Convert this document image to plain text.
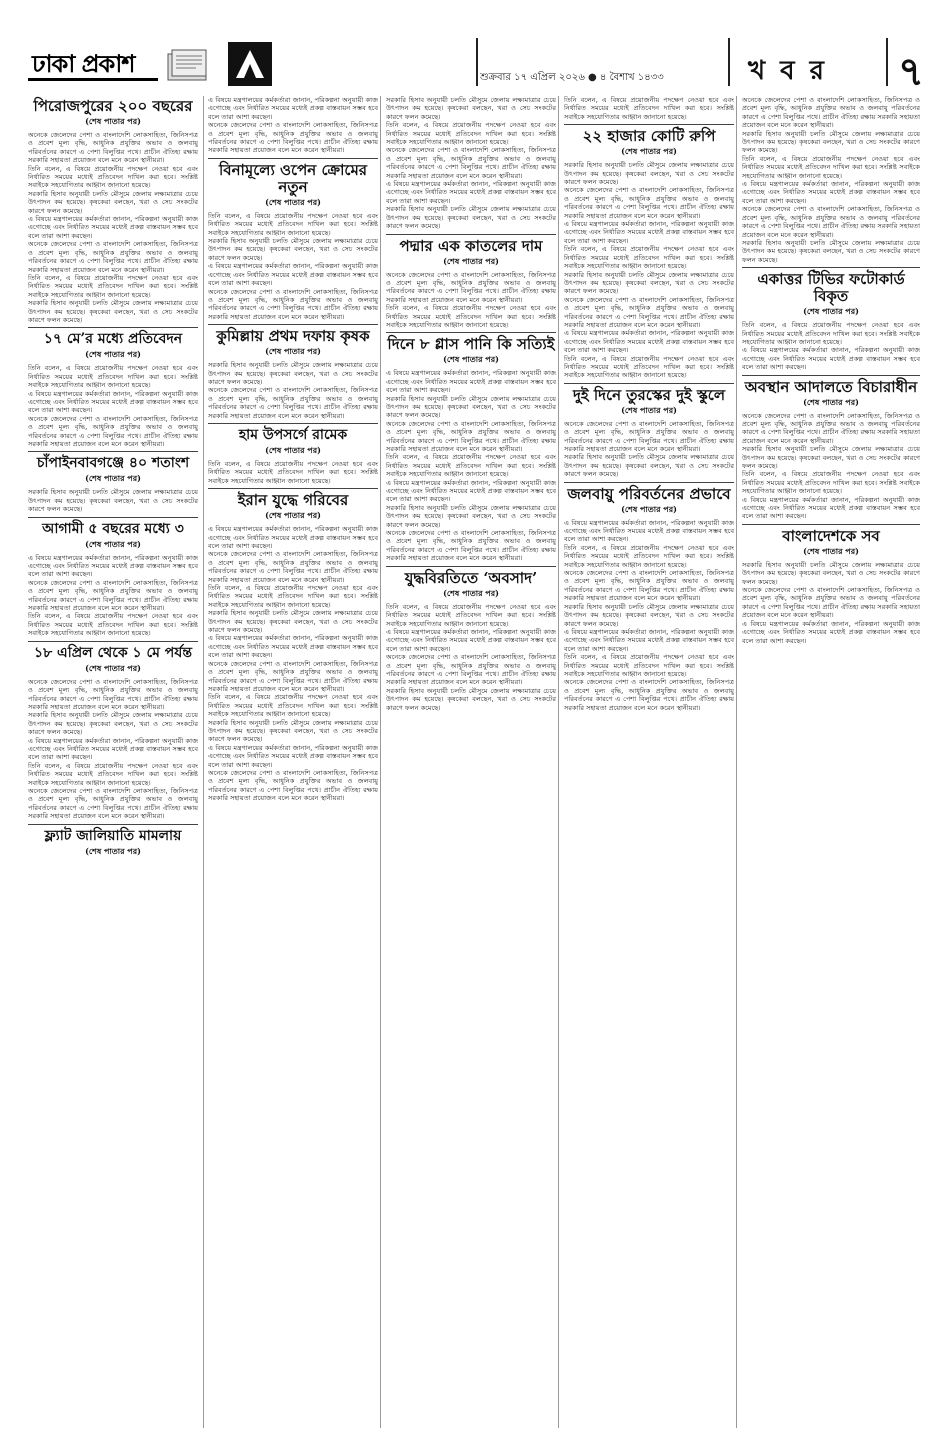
ঢাকা প্রকাশ	শুক্রবার ১৭ এপ্রিল ২০২৬ ● ৪ বৈশাখ ১৪৩৩	খ ব র ৭
পিরোজপুরের ২০০ বছরের
(শেষ পাতার পর)

অনেকে জেলেদের পেশা ও বাংলাদেশি লোকসাহিত্য, জিনিসপত্র ও প্রবেশ মূল্য বৃদ্ধি, আধুনিক প্রযুক্তির অভাব ও জলবায়ু পরিবর্তনের কারণে এ পেশা বিলুপ্তির পথে। প্রাচীন ঐতিহ্য রক্ষায় সরকারি সহায়তা প্রয়োজন বলে মনে করেন স্থানীয়রা।

তিনি বলেন, এ বিষয়ে প্রয়োজনীয় পদক্ষেপ নেওয়া হবে এবং নির্ধারিত সময়ের মধ্যেই প্রতিবেদন দাখিল করা হবে। সংশ্লিষ্ট সবাইকে সহযোগিতার আহ্বান জানানো হয়েছে।

সরকারি হিসাব অনুযায়ী চলতি মৌসুমে জেলায় লক্ষ্যমাত্রার চেয়ে উৎপাদন কম হয়েছে। কৃষকেরা বলছেন, খরা ও সেচ সংকটের কারণে ফলন কমেছে।

এ বিষয়ে মন্ত্রণালয়ের কর্মকর্তারা জানান, পরিকল্পনা অনুযায়ী কাজ এগোচ্ছে এবং নির্ধারিত সময়ের মধ্যেই প্রকল্প বাস্তবায়ন সম্ভব হবে বলে তারা আশা করছেন।

অনেকে জেলেদের পেশা ও বাংলাদেশি লোকসাহিত্য, জিনিসপত্র ও প্রবেশ মূল্য বৃদ্ধি, আধুনিক প্রযুক্তির অভাব ও জলবায়ু পরিবর্তনের কারণে এ পেশা বিলুপ্তির পথে। প্রাচীন ঐতিহ্য রক্ষায় সরকারি সহায়তা প্রয়োজন বলে মনে করেন স্থানীয়রা।

তিনি বলেন, এ বিষয়ে প্রয়োজনীয় পদক্ষেপ নেওয়া হবে এবং নির্ধারিত সময়ের মধ্যেই প্রতিবেদন দাখিল করা হবে। সংশ্লিষ্ট সবাইকে সহযোগিতার আহ্বান জানানো হয়েছে।

সরকারি হিসাব অনুযায়ী চলতি মৌসুমে জেলায় লক্ষ্যমাত্রার চেয়ে উৎপাদন কম হয়েছে। কৃষকেরা বলছেন, খরা ও সেচ সংকটের কারণে ফলন কমেছে।

১৭ মে’র মধ্যে প্রতিবেদন
(শেষ পাতার পর)

তিনি বলেন, এ বিষয়ে প্রয়োজনীয় পদক্ষেপ নেওয়া হবে এবং নির্ধারিত সময়ের মধ্যেই প্রতিবেদন দাখিল করা হবে। সংশ্লিষ্ট সবাইকে সহযোগিতার আহ্বান জানানো হয়েছে।

এ বিষয়ে মন্ত্রণালয়ের কর্মকর্তারা জানান, পরিকল্পনা অনুযায়ী কাজ এগোচ্ছে এবং নির্ধারিত সময়ের মধ্যেই প্রকল্প বাস্তবায়ন সম্ভব হবে বলে তারা আশা করছেন।

অনেকে জেলেদের পেশা ও বাংলাদেশি লোকসাহিত্য, জিনিসপত্র ও প্রবেশ মূল্য বৃদ্ধি, আধুনিক প্রযুক্তির অভাব ও জলবায়ু পরিবর্তনের কারণে এ পেশা বিলুপ্তির পথে। প্রাচীন ঐতিহ্য রক্ষায় সরকারি সহায়তা প্রয়োজন বলে মনে করেন স্থানীয়রা।

চাঁপাইনবাবগঞ্জে ৪০ শতাংশ
(শেষ পাতার পর)

সরকারি হিসাব অনুযায়ী চলতি মৌসুমে জেলায় লক্ষ্যমাত্রার চেয়ে উৎপাদন কম হয়েছে। কৃষকেরা বলছেন, খরা ও সেচ সংকটের কারণে ফলন কমেছে।

আগামী ৫ বছরের মধ্যে ৩
(শেষ পাতার পর)

এ বিষয়ে মন্ত্রণালয়ের কর্মকর্তারা জানান, পরিকল্পনা অনুযায়ী কাজ এগোচ্ছে এবং নির্ধারিত সময়ের মধ্যেই প্রকল্প বাস্তবায়ন সম্ভব হবে বলে তারা আশা করছেন।

অনেকে জেলেদের পেশা ও বাংলাদেশি লোকসাহিত্য, জিনিসপত্র ও প্রবেশ মূল্য বৃদ্ধি, আধুনিক প্রযুক্তির অভাব ও জলবায়ু পরিবর্তনের কারণে এ পেশা বিলুপ্তির পথে। প্রাচীন ঐতিহ্য রক্ষায় সরকারি সহায়তা প্রয়োজন বলে মনে করেন স্থানীয়রা।

তিনি বলেন, এ বিষয়ে প্রয়োজনীয় পদক্ষেপ নেওয়া হবে এবং নির্ধারিত সময়ের মধ্যেই প্রতিবেদন দাখিল করা হবে। সংশ্লিষ্ট সবাইকে সহযোগিতার আহ্বান জানানো হয়েছে।

১৮ এপ্রিল থেকে ১ মে পর্যন্ত
(শেষ পাতার পর)

অনেকে জেলেদের পেশা ও বাংলাদেশি লোকসাহিত্য, জিনিসপত্র ও প্রবেশ মূল্য বৃদ্ধি, আধুনিক প্রযুক্তির অভাব ও জলবায়ু পরিবর্তনের কারণে এ পেশা বিলুপ্তির পথে। প্রাচীন ঐতিহ্য রক্ষায় সরকারি সহায়তা প্রয়োজন বলে মনে করেন স্থানীয়রা।

সরকারি হিসাব অনুযায়ী চলতি মৌসুমে জেলায় লক্ষ্যমাত্রার চেয়ে উৎপাদন কম হয়েছে। কৃষকেরা বলছেন, খরা ও সেচ সংকটের কারণে ফলন কমেছে।

এ বিষয়ে মন্ত্রণালয়ের কর্মকর্তারা জানান, পরিকল্পনা অনুযায়ী কাজ এগোচ্ছে এবং নির্ধারিত সময়ের মধ্যেই প্রকল্প বাস্তবায়ন সম্ভব হবে বলে তারা আশা করছেন।

তিনি বলেন, এ বিষয়ে প্রয়োজনীয় পদক্ষেপ নেওয়া হবে এবং নির্ধারিত সময়ের মধ্যেই প্রতিবেদন দাখিল করা হবে। সংশ্লিষ্ট সবাইকে সহযোগিতার আহ্বান জানানো হয়েছে।

অনেকে জেলেদের পেশা ও বাংলাদেশি লোকসাহিত্য, জিনিসপত্র ও প্রবেশ মূল্য বৃদ্ধি, আধুনিক প্রযুক্তির অভাব ও জলবায়ু পরিবর্তনের কারণে এ পেশা বিলুপ্তির পথে। প্রাচীন ঐতিহ্য রক্ষায় সরকারি সহায়তা প্রয়োজন বলে মনে করেন স্থানীয়রা।

ফ্ল্যাট জালিয়াতি মামলায়
(শেষ পাতার পর)

এ বিষয়ে মন্ত্রণালয়ের কর্মকর্তারা জানান, পরিকল্পনা অনুযায়ী কাজ এগোচ্ছে এবং নির্ধারিত সময়ের মধ্যেই প্রকল্প বাস্তবায়ন সম্ভব হবে বলে তারা আশা করছেন।

অনেকে জেলেদের পেশা ও বাংলাদেশি লোকসাহিত্য, জিনিসপত্র ও প্রবেশ মূল্য বৃদ্ধি, আধুনিক প্রযুক্তির অভাব ও জলবায়ু পরিবর্তনের কারণে এ পেশা বিলুপ্তির পথে। প্রাচীন ঐতিহ্য রক্ষায় সরকারি সহায়তা প্রয়োজন বলে মনে করেন স্থানীয়রা।

বিনামূল্যে ওপেন ক্রোমের নতুন
(শেষ পাতার পর)

তিনি বলেন, এ বিষয়ে প্রয়োজনীয় পদক্ষেপ নেওয়া হবে এবং নির্ধারিত সময়ের মধ্যেই প্রতিবেদন দাখিল করা হবে। সংশ্লিষ্ট সবাইকে সহযোগিতার আহ্বান জানানো হয়েছে।

সরকারি হিসাব অনুযায়ী চলতি মৌসুমে জেলায় লক্ষ্যমাত্রার চেয়ে উৎপাদন কম হয়েছে। কৃষকেরা বলছেন, খরা ও সেচ সংকটের কারণে ফলন কমেছে।

এ বিষয়ে মন্ত্রণালয়ের কর্মকর্তারা জানান, পরিকল্পনা অনুযায়ী কাজ এগোচ্ছে এবং নির্ধারিত সময়ের মধ্যেই প্রকল্প বাস্তবায়ন সম্ভব হবে বলে তারা আশা করছেন।

অনেকে জেলেদের পেশা ও বাংলাদেশি লোকসাহিত্য, জিনিসপত্র ও প্রবেশ মূল্য বৃদ্ধি, আধুনিক প্রযুক্তির অভাব ও জলবায়ু পরিবর্তনের কারণে এ পেশা বিলুপ্তির পথে। প্রাচীন ঐতিহ্য রক্ষায় সরকারি সহায়তা প্রয়োজন বলে মনে করেন স্থানীয়রা।

কুমিল্লায় প্রথম দফায় কৃষক
(শেষ পাতার পর)

সরকারি হিসাব অনুযায়ী চলতি মৌসুমে জেলায় লক্ষ্যমাত্রার চেয়ে উৎপাদন কম হয়েছে। কৃষকেরা বলছেন, খরা ও সেচ সংকটের কারণে ফলন কমেছে।

অনেকে জেলেদের পেশা ও বাংলাদেশি লোকসাহিত্য, জিনিসপত্র ও প্রবেশ মূল্য বৃদ্ধি, আধুনিক প্রযুক্তির অভাব ও জলবায়ু পরিবর্তনের কারণে এ পেশা বিলুপ্তির পথে। প্রাচীন ঐতিহ্য রক্ষায় সরকারি সহায়তা প্রয়োজন বলে মনে করেন স্থানীয়রা।

হাম উপসর্গে রামেক
(শেষ পাতার পর)

তিনি বলেন, এ বিষয়ে প্রয়োজনীয় পদক্ষেপ নেওয়া হবে এবং নির্ধারিত সময়ের মধ্যেই প্রতিবেদন দাখিল করা হবে। সংশ্লিষ্ট সবাইকে সহযোগিতার আহ্বান জানানো হয়েছে।

ইরান যুদ্ধে গরিবের
(শেষ পাতার পর)

এ বিষয়ে মন্ত্রণালয়ের কর্মকর্তারা জানান, পরিকল্পনা অনুযায়ী কাজ এগোচ্ছে এবং নির্ধারিত সময়ের মধ্যেই প্রকল্প বাস্তবায়ন সম্ভব হবে বলে তারা আশা করছেন।

অনেকে জেলেদের পেশা ও বাংলাদেশি লোকসাহিত্য, জিনিসপত্র ও প্রবেশ মূল্য বৃদ্ধি, আধুনিক প্রযুক্তির অভাব ও জলবায়ু পরিবর্তনের কারণে এ পেশা বিলুপ্তির পথে। প্রাচীন ঐতিহ্য রক্ষায় সরকারি সহায়তা প্রয়োজন বলে মনে করেন স্থানীয়রা।

তিনি বলেন, এ বিষয়ে প্রয়োজনীয় পদক্ষেপ নেওয়া হবে এবং নির্ধারিত সময়ের মধ্যেই প্রতিবেদন দাখিল করা হবে। সংশ্লিষ্ট সবাইকে সহযোগিতার আহ্বান জানানো হয়েছে।

সরকারি হিসাব অনুযায়ী চলতি মৌসুমে জেলায় লক্ষ্যমাত্রার চেয়ে উৎপাদন কম হয়েছে। কৃষকেরা বলছেন, খরা ও সেচ সংকটের কারণে ফলন কমেছে।

এ বিষয়ে মন্ত্রণালয়ের কর্মকর্তারা জানান, পরিকল্পনা অনুযায়ী কাজ এগোচ্ছে এবং নির্ধারিত সময়ের মধ্যেই প্রকল্প বাস্তবায়ন সম্ভব হবে বলে তারা আশা করছেন।

অনেকে জেলেদের পেশা ও বাংলাদেশি লোকসাহিত্য, জিনিসপত্র ও প্রবেশ মূল্য বৃদ্ধি, আধুনিক প্রযুক্তির অভাব ও জলবায়ু পরিবর্তনের কারণে এ পেশা বিলুপ্তির পথে। প্রাচীন ঐতিহ্য রক্ষায় সরকারি সহায়তা প্রয়োজন বলে মনে করেন স্থানীয়রা।

তিনি বলেন, এ বিষয়ে প্রয়োজনীয় পদক্ষেপ নেওয়া হবে এবং নির্ধারিত সময়ের মধ্যেই প্রতিবেদন দাখিল করা হবে। সংশ্লিষ্ট সবাইকে সহযোগিতার আহ্বান জানানো হয়েছে।

সরকারি হিসাব অনুযায়ী চলতি মৌসুমে জেলায় লক্ষ্যমাত্রার চেয়ে উৎপাদন কম হয়েছে। কৃষকেরা বলছেন, খরা ও সেচ সংকটের কারণে ফলন কমেছে।

এ বিষয়ে মন্ত্রণালয়ের কর্মকর্তারা জানান, পরিকল্পনা অনুযায়ী কাজ এগোচ্ছে এবং নির্ধারিত সময়ের মধ্যেই প্রকল্প বাস্তবায়ন সম্ভব হবে বলে তারা আশা করছেন।

অনেকে জেলেদের পেশা ও বাংলাদেশি লোকসাহিত্য, জিনিসপত্র ও প্রবেশ মূল্য বৃদ্ধি, আধুনিক প্রযুক্তির অভাব ও জলবায়ু পরিবর্তনের কারণে এ পেশা বিলুপ্তির পথে। প্রাচীন ঐতিহ্য রক্ষায় সরকারি সহায়তা প্রয়োজন বলে মনে করেন স্থানীয়রা।

সরকারি হিসাব অনুযায়ী চলতি মৌসুমে জেলায় লক্ষ্যমাত্রার চেয়ে উৎপাদন কম হয়েছে। কৃষকেরা বলছেন, খরা ও সেচ সংকটের কারণে ফলন কমেছে।

তিনি বলেন, এ বিষয়ে প্রয়োজনীয় পদক্ষেপ নেওয়া হবে এবং নির্ধারিত সময়ের মধ্যেই প্রতিবেদন দাখিল করা হবে। সংশ্লিষ্ট সবাইকে সহযোগিতার আহ্বান জানানো হয়েছে।

অনেকে জেলেদের পেশা ও বাংলাদেশি লোকসাহিত্য, জিনিসপত্র ও প্রবেশ মূল্য বৃদ্ধি, আধুনিক প্রযুক্তির অভাব ও জলবায়ু পরিবর্তনের কারণে এ পেশা বিলুপ্তির পথে। প্রাচীন ঐতিহ্য রক্ষায় সরকারি সহায়তা প্রয়োজন বলে মনে করেন স্থানীয়রা।

এ বিষয়ে মন্ত্রণালয়ের কর্মকর্তারা জানান, পরিকল্পনা অনুযায়ী কাজ এগোচ্ছে এবং নির্ধারিত সময়ের মধ্যেই প্রকল্প বাস্তবায়ন সম্ভব হবে বলে তারা আশা করছেন।

সরকারি হিসাব অনুযায়ী চলতি মৌসুমে জেলায় লক্ষ্যমাত্রার চেয়ে উৎপাদন কম হয়েছে। কৃষকেরা বলছেন, খরা ও সেচ সংকটের কারণে ফলন কমেছে।

পদ্মার এক কাতলের দাম
(শেষ পাতার পর)

অনেকে জেলেদের পেশা ও বাংলাদেশি লোকসাহিত্য, জিনিসপত্র ও প্রবেশ মূল্য বৃদ্ধি, আধুনিক প্রযুক্তির অভাব ও জলবায়ু পরিবর্তনের কারণে এ পেশা বিলুপ্তির পথে। প্রাচীন ঐতিহ্য রক্ষায় সরকারি সহায়তা প্রয়োজন বলে মনে করেন স্থানীয়রা।

তিনি বলেন, এ বিষয়ে প্রয়োজনীয় পদক্ষেপ নেওয়া হবে এবং নির্ধারিত সময়ের মধ্যেই প্রতিবেদন দাখিল করা হবে। সংশ্লিষ্ট সবাইকে সহযোগিতার আহ্বান জানানো হয়েছে।

দিনে ৮ গ্লাস পানি কি সত্যিই
(শেষ পাতার পর)

এ বিষয়ে মন্ত্রণালয়ের কর্মকর্তারা জানান, পরিকল্পনা অনুযায়ী কাজ এগোচ্ছে এবং নির্ধারিত সময়ের মধ্যেই প্রকল্প বাস্তবায়ন সম্ভব হবে বলে তারা আশা করছেন।

সরকারি হিসাব অনুযায়ী চলতি মৌসুমে জেলায় লক্ষ্যমাত্রার চেয়ে উৎপাদন কম হয়েছে। কৃষকেরা বলছেন, খরা ও সেচ সংকটের কারণে ফলন কমেছে।

অনেকে জেলেদের পেশা ও বাংলাদেশি লোকসাহিত্য, জিনিসপত্র ও প্রবেশ মূল্য বৃদ্ধি, আধুনিক প্রযুক্তির অভাব ও জলবায়ু পরিবর্তনের কারণে এ পেশা বিলুপ্তির পথে। প্রাচীন ঐতিহ্য রক্ষায় সরকারি সহায়তা প্রয়োজন বলে মনে করেন স্থানীয়রা।

তিনি বলেন, এ বিষয়ে প্রয়োজনীয় পদক্ষেপ নেওয়া হবে এবং নির্ধারিত সময়ের মধ্যেই প্রতিবেদন দাখিল করা হবে। সংশ্লিষ্ট সবাইকে সহযোগিতার আহ্বান জানানো হয়েছে।

এ বিষয়ে মন্ত্রণালয়ের কর্মকর্তারা জানান, পরিকল্পনা অনুযায়ী কাজ এগোচ্ছে এবং নির্ধারিত সময়ের মধ্যেই প্রকল্প বাস্তবায়ন সম্ভব হবে বলে তারা আশা করছেন।

সরকারি হিসাব অনুযায়ী চলতি মৌসুমে জেলায় লক্ষ্যমাত্রার চেয়ে উৎপাদন কম হয়েছে। কৃষকেরা বলছেন, খরা ও সেচ সংকটের কারণে ফলন কমেছে।

অনেকে জেলেদের পেশা ও বাংলাদেশি লোকসাহিত্য, জিনিসপত্র ও প্রবেশ মূল্য বৃদ্ধি, আধুনিক প্রযুক্তির অভাব ও জলবায়ু পরিবর্তনের কারণে এ পেশা বিলুপ্তির পথে। প্রাচীন ঐতিহ্য রক্ষায় সরকারি সহায়তা প্রয়োজন বলে মনে করেন স্থানীয়রা।

যুদ্ধবিরতিতে ‘অবসাদ’
(শেষ পাতার পর)

তিনি বলেন, এ বিষয়ে প্রয়োজনীয় পদক্ষেপ নেওয়া হবে এবং নির্ধারিত সময়ের মধ্যেই প্রতিবেদন দাখিল করা হবে। সংশ্লিষ্ট সবাইকে সহযোগিতার আহ্বান জানানো হয়েছে।

এ বিষয়ে মন্ত্রণালয়ের কর্মকর্তারা জানান, পরিকল্পনা অনুযায়ী কাজ এগোচ্ছে এবং নির্ধারিত সময়ের মধ্যেই প্রকল্প বাস্তবায়ন সম্ভব হবে বলে তারা আশা করছেন।

অনেকে জেলেদের পেশা ও বাংলাদেশি লোকসাহিত্য, জিনিসপত্র ও প্রবেশ মূল্য বৃদ্ধি, আধুনিক প্রযুক্তির অভাব ও জলবায়ু পরিবর্তনের কারণে এ পেশা বিলুপ্তির পথে। প্রাচীন ঐতিহ্য রক্ষায় সরকারি সহায়তা প্রয়োজন বলে মনে করেন স্থানীয়রা।

সরকারি হিসাব অনুযায়ী চলতি মৌসুমে জেলায় লক্ষ্যমাত্রার চেয়ে উৎপাদন কম হয়েছে। কৃষকেরা বলছেন, খরা ও সেচ সংকটের কারণে ফলন কমেছে।

তিনি বলেন, এ বিষয়ে প্রয়োজনীয় পদক্ষেপ নেওয়া হবে এবং নির্ধারিত সময়ের মধ্যেই প্রতিবেদন দাখিল করা হবে। সংশ্লিষ্ট সবাইকে সহযোগিতার আহ্বান জানানো হয়েছে।

২২ হাজার কোটি রুপি
(শেষ পাতার পর)

সরকারি হিসাব অনুযায়ী চলতি মৌসুমে জেলায় লক্ষ্যমাত্রার চেয়ে উৎপাদন কম হয়েছে। কৃষকেরা বলছেন, খরা ও সেচ সংকটের কারণে ফলন কমেছে।

অনেকে জেলেদের পেশা ও বাংলাদেশি লোকসাহিত্য, জিনিসপত্র ও প্রবেশ মূল্য বৃদ্ধি, আধুনিক প্রযুক্তির অভাব ও জলবায়ু পরিবর্তনের কারণে এ পেশা বিলুপ্তির পথে। প্রাচীন ঐতিহ্য রক্ষায় সরকারি সহায়তা প্রয়োজন বলে মনে করেন স্থানীয়রা।

এ বিষয়ে মন্ত্রণালয়ের কর্মকর্তারা জানান, পরিকল্পনা অনুযায়ী কাজ এগোচ্ছে এবং নির্ধারিত সময়ের মধ্যেই প্রকল্প বাস্তবায়ন সম্ভব হবে বলে তারা আশা করছেন।

তিনি বলেন, এ বিষয়ে প্রয়োজনীয় পদক্ষেপ নেওয়া হবে এবং নির্ধারিত সময়ের মধ্যেই প্রতিবেদন দাখিল করা হবে। সংশ্লিষ্ট সবাইকে সহযোগিতার আহ্বান জানানো হয়েছে।

সরকারি হিসাব অনুযায়ী চলতি মৌসুমে জেলায় লক্ষ্যমাত্রার চেয়ে উৎপাদন কম হয়েছে। কৃষকেরা বলছেন, খরা ও সেচ সংকটের কারণে ফলন কমেছে।

অনেকে জেলেদের পেশা ও বাংলাদেশি লোকসাহিত্য, জিনিসপত্র ও প্রবেশ মূল্য বৃদ্ধি, আধুনিক প্রযুক্তির অভাব ও জলবায়ু পরিবর্তনের কারণে এ পেশা বিলুপ্তির পথে। প্রাচীন ঐতিহ্য রক্ষায় সরকারি সহায়তা প্রয়োজন বলে মনে করেন স্থানীয়রা।

এ বিষয়ে মন্ত্রণালয়ের কর্মকর্তারা জানান, পরিকল্পনা অনুযায়ী কাজ এগোচ্ছে এবং নির্ধারিত সময়ের মধ্যেই প্রকল্প বাস্তবায়ন সম্ভব হবে বলে তারা আশা করছেন।

তিনি বলেন, এ বিষয়ে প্রয়োজনীয় পদক্ষেপ নেওয়া হবে এবং নির্ধারিত সময়ের মধ্যেই প্রতিবেদন দাখিল করা হবে। সংশ্লিষ্ট সবাইকে সহযোগিতার আহ্বান জানানো হয়েছে।

দুই দিনে তুরস্কের দুই স্কুলে
(শেষ পাতার পর)

অনেকে জেলেদের পেশা ও বাংলাদেশি লোকসাহিত্য, জিনিসপত্র ও প্রবেশ মূল্য বৃদ্ধি, আধুনিক প্রযুক্তির অভাব ও জলবায়ু পরিবর্তনের কারণে এ পেশা বিলুপ্তির পথে। প্রাচীন ঐতিহ্য রক্ষায় সরকারি সহায়তা প্রয়োজন বলে মনে করেন স্থানীয়রা।

সরকারি হিসাব অনুযায়ী চলতি মৌসুমে জেলায় লক্ষ্যমাত্রার চেয়ে উৎপাদন কম হয়েছে। কৃষকেরা বলছেন, খরা ও সেচ সংকটের কারণে ফলন কমেছে।

জলবায়ু পরিবর্তনের প্রভাবে
(শেষ পাতার পর)

এ বিষয়ে মন্ত্রণালয়ের কর্মকর্তারা জানান, পরিকল্পনা অনুযায়ী কাজ এগোচ্ছে এবং নির্ধারিত সময়ের মধ্যেই প্রকল্প বাস্তবায়ন সম্ভব হবে বলে তারা আশা করছেন।

তিনি বলেন, এ বিষয়ে প্রয়োজনীয় পদক্ষেপ নেওয়া হবে এবং নির্ধারিত সময়ের মধ্যেই প্রতিবেদন দাখিল করা হবে। সংশ্লিষ্ট সবাইকে সহযোগিতার আহ্বান জানানো হয়েছে।

অনেকে জেলেদের পেশা ও বাংলাদেশি লোকসাহিত্য, জিনিসপত্র ও প্রবেশ মূল্য বৃদ্ধি, আধুনিক প্রযুক্তির অভাব ও জলবায়ু পরিবর্তনের কারণে এ পেশা বিলুপ্তির পথে। প্রাচীন ঐতিহ্য রক্ষায় সরকারি সহায়তা প্রয়োজন বলে মনে করেন স্থানীয়রা।

সরকারি হিসাব অনুযায়ী চলতি মৌসুমে জেলায় লক্ষ্যমাত্রার চেয়ে উৎপাদন কম হয়েছে। কৃষকেরা বলছেন, খরা ও সেচ সংকটের কারণে ফলন কমেছে।

এ বিষয়ে মন্ত্রণালয়ের কর্মকর্তারা জানান, পরিকল্পনা অনুযায়ী কাজ এগোচ্ছে এবং নির্ধারিত সময়ের মধ্যেই প্রকল্প বাস্তবায়ন সম্ভব হবে বলে তারা আশা করছেন।

তিনি বলেন, এ বিষয়ে প্রয়োজনীয় পদক্ষেপ নেওয়া হবে এবং নির্ধারিত সময়ের মধ্যেই প্রতিবেদন দাখিল করা হবে। সংশ্লিষ্ট সবাইকে সহযোগিতার আহ্বান জানানো হয়েছে।

অনেকে জেলেদের পেশা ও বাংলাদেশি লোকসাহিত্য, জিনিসপত্র ও প্রবেশ মূল্য বৃদ্ধি, আধুনিক প্রযুক্তির অভাব ও জলবায়ু পরিবর্তনের কারণে এ পেশা বিলুপ্তির পথে। প্রাচীন ঐতিহ্য রক্ষায় সরকারি সহায়তা প্রয়োজন বলে মনে করেন স্থানীয়রা।

অনেকে জেলেদের পেশা ও বাংলাদেশি লোকসাহিত্য, জিনিসপত্র ও প্রবেশ মূল্য বৃদ্ধি, আধুনিক প্রযুক্তির অভাব ও জলবায়ু পরিবর্তনের কারণে এ পেশা বিলুপ্তির পথে। প্রাচীন ঐতিহ্য রক্ষায় সরকারি সহায়তা প্রয়োজন বলে মনে করেন স্থানীয়রা।

সরকারি হিসাব অনুযায়ী চলতি মৌসুমে জেলায় লক্ষ্যমাত্রার চেয়ে উৎপাদন কম হয়েছে। কৃষকেরা বলছেন, খরা ও সেচ সংকটের কারণে ফলন কমেছে।

তিনি বলেন, এ বিষয়ে প্রয়োজনীয় পদক্ষেপ নেওয়া হবে এবং নির্ধারিত সময়ের মধ্যেই প্রতিবেদন দাখিল করা হবে। সংশ্লিষ্ট সবাইকে সহযোগিতার আহ্বান জানানো হয়েছে।

এ বিষয়ে মন্ত্রণালয়ের কর্মকর্তারা জানান, পরিকল্পনা অনুযায়ী কাজ এগোচ্ছে এবং নির্ধারিত সময়ের মধ্যেই প্রকল্প বাস্তবায়ন সম্ভব হবে বলে তারা আশা করছেন।

অনেকে জেলেদের পেশা ও বাংলাদেশি লোকসাহিত্য, জিনিসপত্র ও প্রবেশ মূল্য বৃদ্ধি, আধুনিক প্রযুক্তির অভাব ও জলবায়ু পরিবর্তনের কারণে এ পেশা বিলুপ্তির পথে। প্রাচীন ঐতিহ্য রক্ষায় সরকারি সহায়তা প্রয়োজন বলে মনে করেন স্থানীয়রা।

সরকারি হিসাব অনুযায়ী চলতি মৌসুমে জেলায় লক্ষ্যমাত্রার চেয়ে উৎপাদন কম হয়েছে। কৃষকেরা বলছেন, খরা ও সেচ সংকটের কারণে ফলন কমেছে।

একাত্তর টিভির ফটোকার্ড বিকৃত
(শেষ পাতার পর)

তিনি বলেন, এ বিষয়ে প্রয়োজনীয় পদক্ষেপ নেওয়া হবে এবং নির্ধারিত সময়ের মধ্যেই প্রতিবেদন দাখিল করা হবে। সংশ্লিষ্ট সবাইকে সহযোগিতার আহ্বান জানানো হয়েছে।

এ বিষয়ে মন্ত্রণালয়ের কর্মকর্তারা জানান, পরিকল্পনা অনুযায়ী কাজ এগোচ্ছে এবং নির্ধারিত সময়ের মধ্যেই প্রকল্প বাস্তবায়ন সম্ভব হবে বলে তারা আশা করছেন।

অবস্থান আদালতে বিচারাধীন
(শেষ পাতার পর)

অনেকে জেলেদের পেশা ও বাংলাদেশি লোকসাহিত্য, জিনিসপত্র ও প্রবেশ মূল্য বৃদ্ধি, আধুনিক প্রযুক্তির অভাব ও জলবায়ু পরিবর্তনের কারণে এ পেশা বিলুপ্তির পথে। প্রাচীন ঐতিহ্য রক্ষায় সরকারি সহায়তা প্রয়োজন বলে মনে করেন স্থানীয়রা।

সরকারি হিসাব অনুযায়ী চলতি মৌসুমে জেলায় লক্ষ্যমাত্রার চেয়ে উৎপাদন কম হয়েছে। কৃষকেরা বলছেন, খরা ও সেচ সংকটের কারণে ফলন কমেছে।

তিনি বলেন, এ বিষয়ে প্রয়োজনীয় পদক্ষেপ নেওয়া হবে এবং নির্ধারিত সময়ের মধ্যেই প্রতিবেদন দাখিল করা হবে। সংশ্লিষ্ট সবাইকে সহযোগিতার আহ্বান জানানো হয়েছে।

এ বিষয়ে মন্ত্রণালয়ের কর্মকর্তারা জানান, পরিকল্পনা অনুযায়ী কাজ এগোচ্ছে এবং নির্ধারিত সময়ের মধ্যেই প্রকল্প বাস্তবায়ন সম্ভব হবে বলে তারা আশা করছেন।

বাংলাদেশকে সব
(শেষ পাতার পর)

সরকারি হিসাব অনুযায়ী চলতি মৌসুমে জেলায় লক্ষ্যমাত্রার চেয়ে উৎপাদন কম হয়েছে। কৃষকেরা বলছেন, খরা ও সেচ সংকটের কারণে ফলন কমেছে।

অনেকে জেলেদের পেশা ও বাংলাদেশি লোকসাহিত্য, জিনিসপত্র ও প্রবেশ মূল্য বৃদ্ধি, আধুনিক প্রযুক্তির অভাব ও জলবায়ু পরিবর্তনের কারণে এ পেশা বিলুপ্তির পথে। প্রাচীন ঐতিহ্য রক্ষায় সরকারি সহায়তা প্রয়োজন বলে মনে করেন স্থানীয়রা।

এ বিষয়ে মন্ত্রণালয়ের কর্মকর্তারা জানান, পরিকল্পনা অনুযায়ী কাজ এগোচ্ছে এবং নির্ধারিত সময়ের মধ্যেই প্রকল্প বাস্তবায়ন সম্ভব হবে বলে তারা আশা করছেন।
